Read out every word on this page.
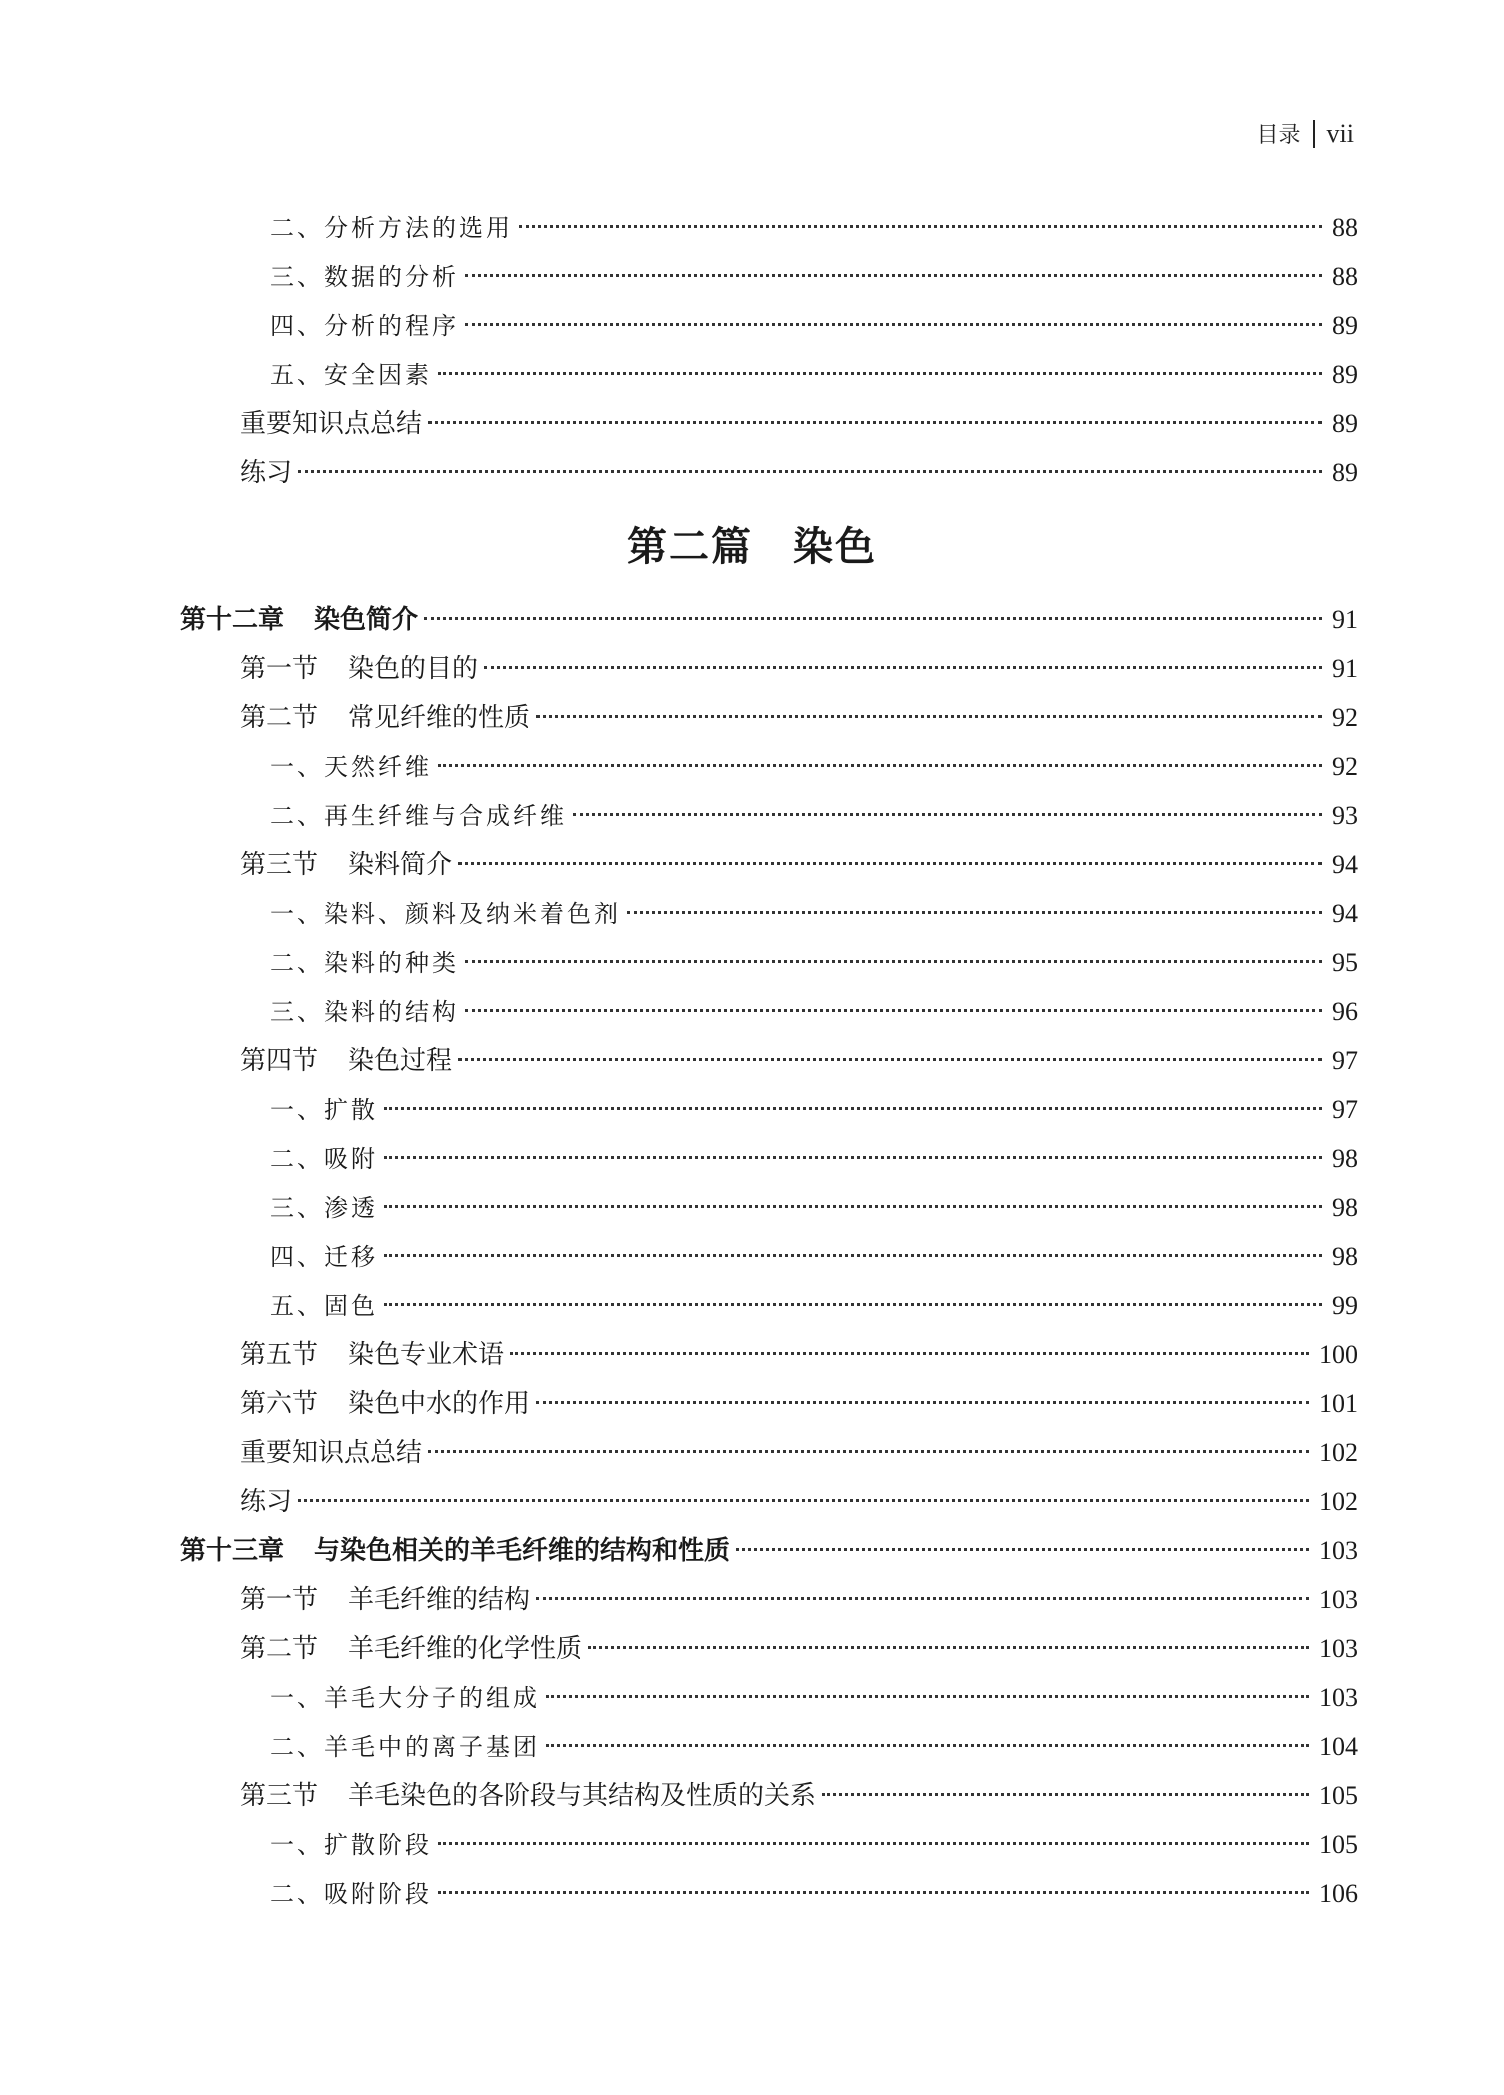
目录 vii
第二篇 染色
二、分析方法的选用	88
三、数据的分析	88
四、分析的程序	89
五、安全因素	89
重要知识点总结	89
练习	89
第十二章 染色简介	91
第一节 染色的目的	91
第二节 常见纤维的性质	92
一、天然纤维	92
二、再生纤维与合成纤维	93
第三节 染料简介	94
一、染料、颜料及纳米着色剂	94
二、染料的种类	95
三、染料的结构	96
第四节 染色过程	97
一、扩散	97
二、吸附	98
三、渗透	98
四、迁移	98
五、固色	99
第五节 染色专业术语	100
第六节 染色中水的作用	101
重要知识点总结	102
练习	102
第十三章 与染色相关的羊毛纤维的结构和性质	103
第一节 羊毛纤维的结构	103
第二节 羊毛纤维的化学性质	103
一、羊毛大分子的组成	103
二、羊毛中的离子基团	104
第三节 羊毛染色的各阶段与其结构及性质的关系	105
一、扩散阶段	105
二、吸附阶段	106
